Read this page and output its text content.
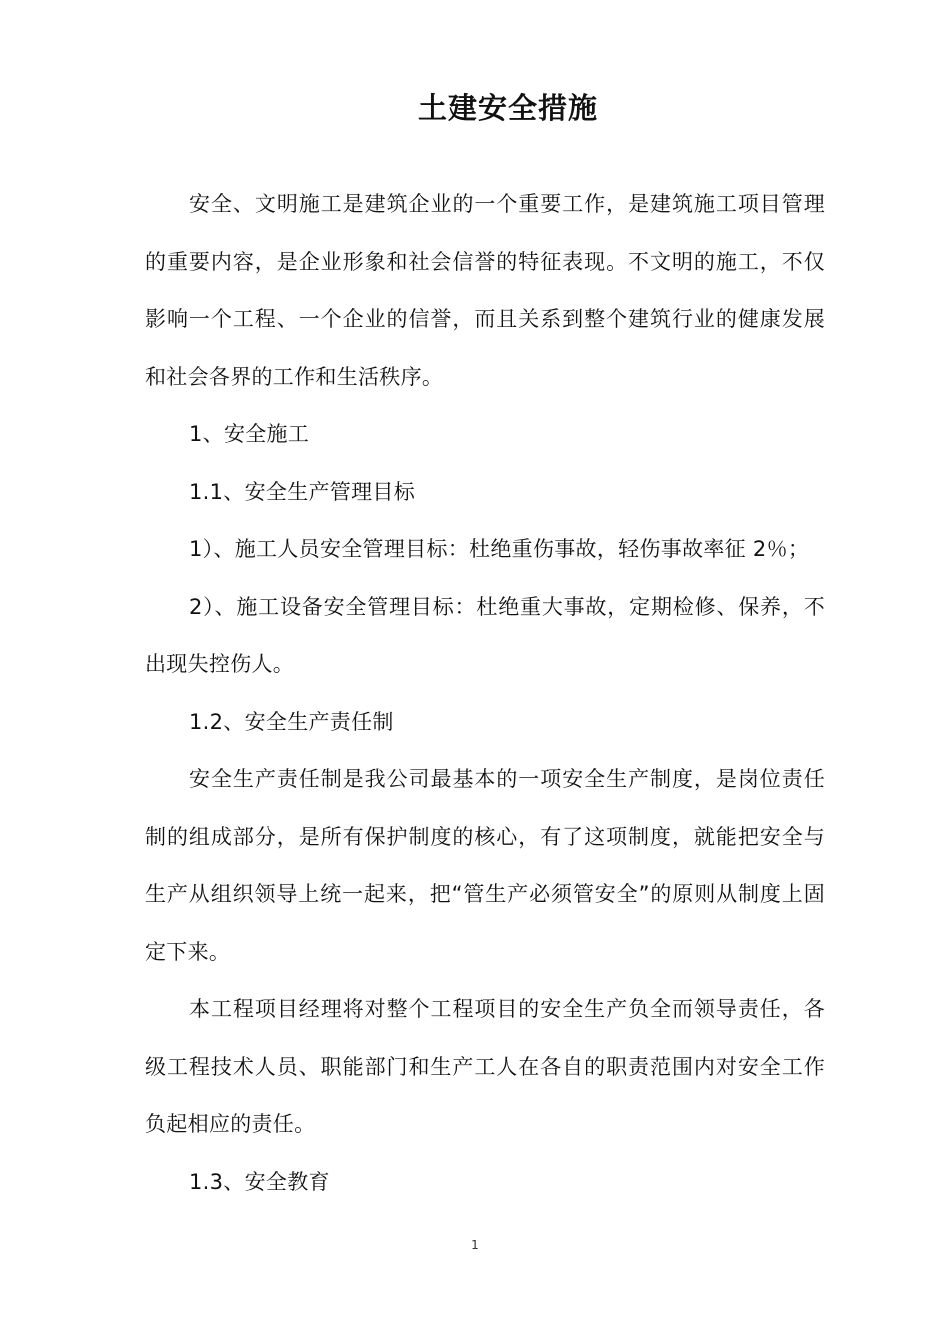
土建安全措施

安全、文明施工是建筑企业的一个重要工作，是建筑施工项目管理的重要内容，是企业形象和社会信誉的特征表现。不文明的施工，不仅影响一个工程、一个企业的信誉，而且关系到整个建筑行业的健康发展和社会各界的工作和生活秩序。

1、安全施工

1.1、安全生产管理目标

1）、施工人员安全管理目标：杜绝重伤事故，轻伤事故率征 2％；

2）、施工设备安全管理目标：杜绝重大事故，定期检修、保养，不出现失控伤人。

1.2、安全生产责任制

安全生产责任制是我公司最基本的一项安全生产制度，是岗位责任制的组成部分，是所有保护制度的核心，有了这项制度，就能把安全与生产从组织领导上统一起来，把“管生产必须管安全”的原则从制度上固定下来。

本工程项目经理将对整个工程项目的安全生产负全而领导责任，各级工程技术人员、职能部门和生产工人在各自的职责范围内对安全工作负起相应的责任。

1.3、安全教育

1
